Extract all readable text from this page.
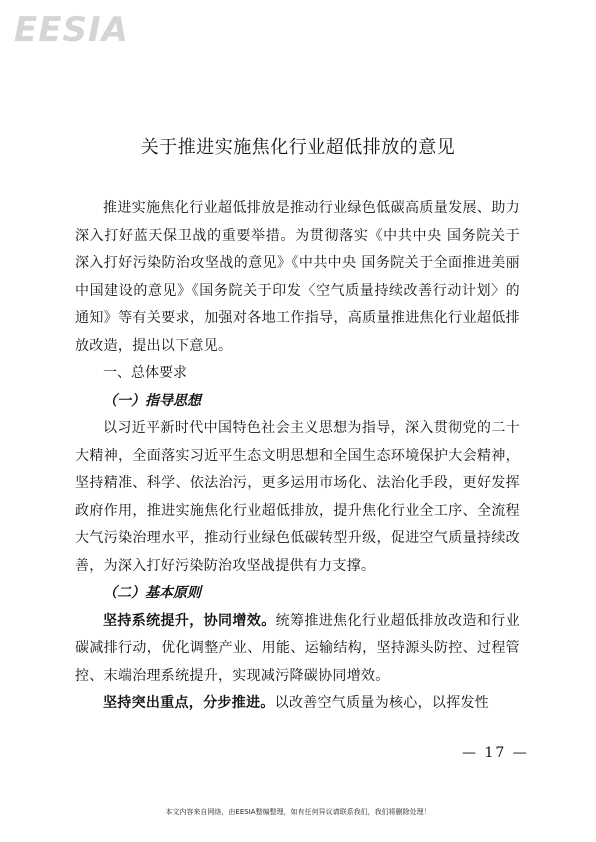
EESIA
关于推进实施焦化行业超低排放的意见

推进实施焦化行业超低排放是推动行业绿色低碳高质量发展、助力深入打好蓝天保卫战的重要举措。为贯彻落实《中共中央 国务院关于深入打好污染防治攻坚战的意见》《中共中央 国务院关于全面推进美丽中国建设的意见》《国务院关于印发〈空气质量持续改善行动计划〉的通知》等有关要求，加强对各地工作指导，高质量推进焦化行业超低排放改造，提出以下意见。

一、总体要求

（一）指导思想

以习近平新时代中国特色社会主义思想为指导，深入贯彻党的二十大精神，全面落实习近平生态文明思想和全国生态环境保护大会精神，坚持精准、科学、依法治污，更多运用市场化、法治化手段，更好发挥政府作用，推进实施焦化行业超低排放，提升焦化行业全工序、全流程大气污染治理水平，推动行业绿色低碳转型升级，促进空气质量持续改善，为深入打好污染防治攻坚战提供有力支撑。

（二）基本原则

坚持系统提升，协同增效。统筹推进焦化行业超低排放改造和行业碳减排行动，优化调整产业、用能、运输结构，坚持源头防控、过程管控、末端治理系统提升，实现减污降碳协同增效。

坚持突出重点，分步推进。以改善空气质量为核心，以挥发性

— 17 —
本文内容来自网络，由EESIA整编整理，如有任何异议请联系我们，我们将删除处理！
